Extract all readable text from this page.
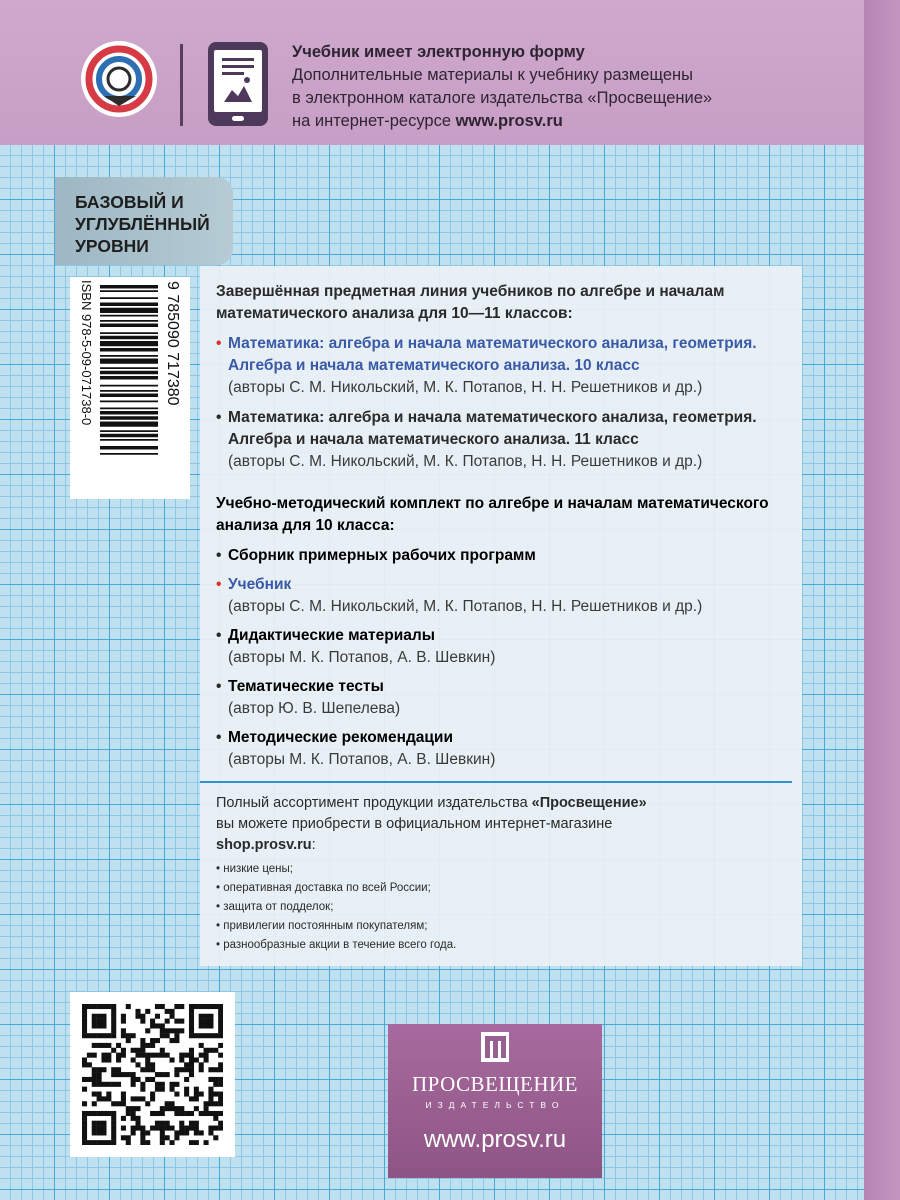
Учебник имеет электронную форму

Дополнительные материалы к учебнику размещены

в электронном каталоге издательства «Просвещение»

на интернет-ресурсе www.prosv.ru

БАЗОВЫЙ И
УГЛУБЛЁННЫЙ
УРОВНИ
ISBN 978-5-09-071738-0	9 785090 717380 Завершённая предметная линия учебников по алгебре и началам математического анализа для 10—11 классов:

• Математика: алгебра и начала математического анализа, геометрия. Алгебра и начала математического анализа. 10 класс
(авторы С. М. Никольский, М. К. Потапов, Н. Н. Решетников и др.)
• Математика: алгебра и начала математического анализа, геометрия. Алгебра и начала математического анализа. 11 класс
(авторы С. М. Никольский, М. К. Потапов, Н. Н. Решетников и др.)

Учебно-методический комплект по алгебре и началам математического анализа для 10 класса:

• Сборник примерных рабочих программ
• Учебник
(авторы С. М. Никольский, М. К. Потапов, Н. Н. Решетников и др.)
• Дидактические материалы
(авторы М. К. Потапов, А. В. Шевкин)
• Тематические тесты
(автор Ю. В. Шепелева)
• Методические рекомендации
(авторы М. К. Потапов, А. В. Шевкин)

Полный ассортимент продукции издательства «Просвещение»

вы можете приобрести в официальном интернет-магазине

shop.prosv.ru:

• низкие цены;
• оперативная доставка по всей России;
• защита от подделок;
• привилегии постоянным покупателям;
• разнообразные акции в течение всего года.
ПРОСВЕЩЕНИЕ
ИЗДАТЕЛЬСТВО
www.prosv.ru
